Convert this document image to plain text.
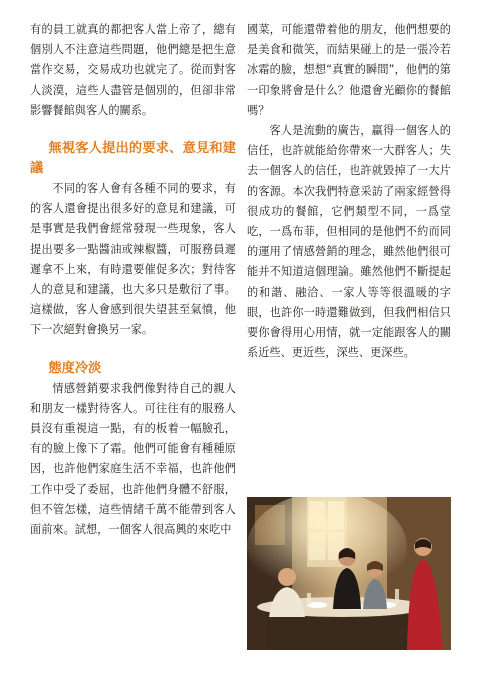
有的員工就真的都把客人當上帝了，總有個別人不注意這些問題，他們總是把生意當作交易，交易成功也就完了。從而對客人淡漠，這些人盡管是個別的，但卻非常影響餐館與客人的關系。

無視客人提出的要求、意見和建議

不同的客人會有各種不同的要求，有的客人還會提出很多好的意見和建議，可是事實是我們會經常發現一些現象，客人提出要多一點醬油或辣椒醬，可服務員遲遲拿不上來，有時還要催促多次；對待客人的意見和建議，也大多只是敷衍了事。這樣做，客人會感到很失望甚至氣憤，他下一次絕對會換另一家。

態度冷淡

情感營銷要求我們像對待自己的親人和朋友一樣對待客人。可往往有的服務人員沒有重視這一點，有的板着一幅臉孔，有的臉上像下了霜。他們可能會有種種原因，也許他們家庭生活不幸福，也許他們工作中受了委屈，也許他們身體不舒服，但不管怎樣，這些情緒千萬不能帶到客人面前來。試想，一個客人很高興的來吃中

國菜，可能還帶着他的朋友，他們想要的是美食和微笑，而結果碰上的是一張冷若冰霜的臉，想想“真實的瞬間”，他們的第一印象將會是什么？他還會光顧你的餐館嗎？

客人是流動的廣告，贏得一個客人的信任，也許就能給你帶來一大群客人；失去一個客人的信任，也許就毀掉了一大片的客源。本次我們特意采訪了兩家經營得很成功的餐館，它們類型不同，一爲堂吃，一爲布菲，但相同的是他們不約而同的運用了情感營銷的理念，雖然他們很可能并不知道這個理論。雖然他們不斷提起的和諧、融洽、一家人等等很溫暖的字眼，也許你一時還難做到，但我們相信只要你會得用心用情，就一定能跟客人的關系近些、更近些，深些、更深些。
